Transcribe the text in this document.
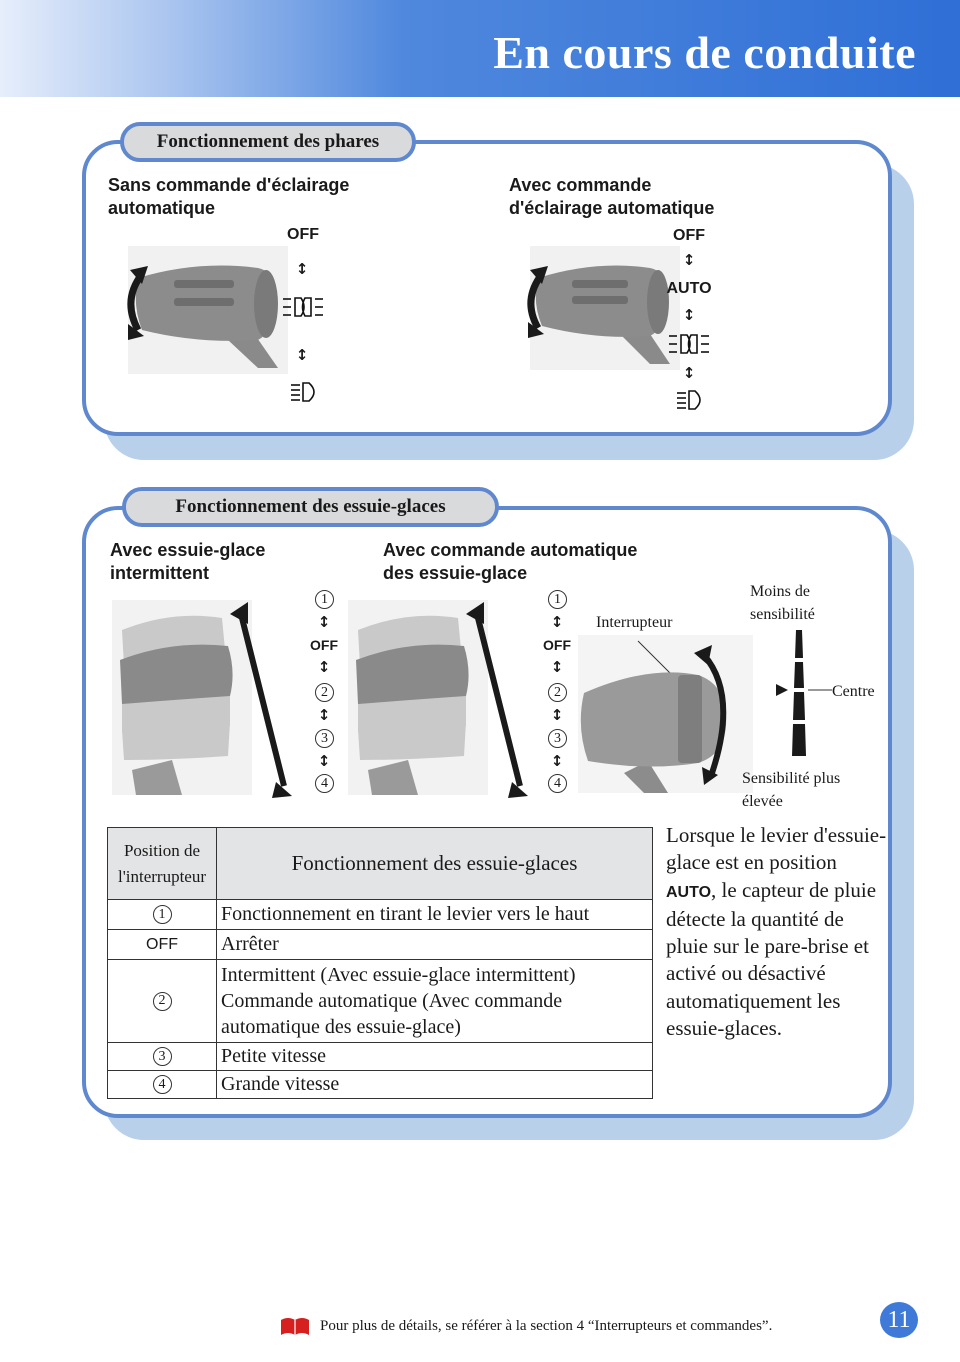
En cours de conduite
Fonctionnement des phares
Sans commande d'éclairage
automatique
Avec commande
d'éclairage automatique
OFF
↕
↕
OFF
↕
AUTO
↕
↕
Fonctionnement des essuie-glaces
Avec essuie-glace
intermittent
Avec commande automatique
des essuie-glace
1
↕
OFF
↕
2
↕
3
↕
4
1
↕
OFF
↕
2
↕
3
↕
4
Interrupteur
Moins de
sensibilité
Centre
Sensibilité plus
élevée
Position de
l'interrupteur	Fonctionnement des essuie-glaces
1	Fonctionnement en tirant le levier vers le haut
OFF	Arrêter
2	Intermittent (Avec essuie-glace intermittent)
Commande automatique (Avec commande
automatique des essuie-glace)

3	Petite vitesse
4	Grande vitesse
Lorsque le levier d'essuie-glace est en position AUTO, le capteur de pluie détecte la quantité de pluie sur le pare-brise et activé ou désactivé automatiquement les essuie-glaces.
Pour plus de détails, se référer à la section 4 “Interrupteurs et commandes”.	11
